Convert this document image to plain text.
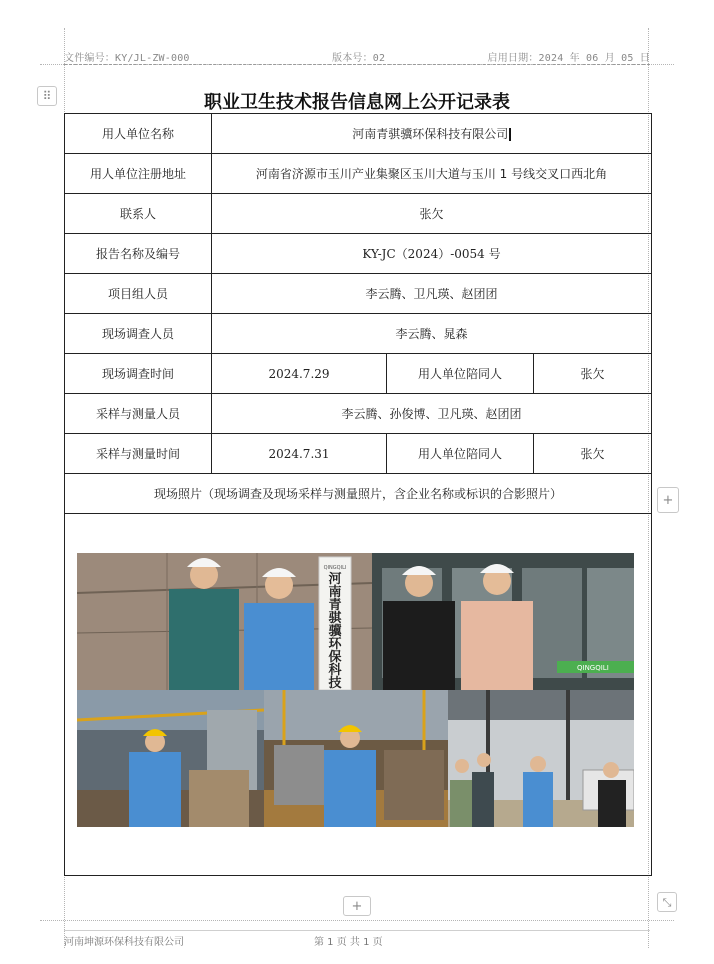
文件编号：KY/JL-ZW-000	版本号：02	启用日期：2024 年 06 月 05 日
⠿	职业卫生技术报告信息网上公开记录表
用人单位名称	河南青骐骥环保科技有限公司		
用人单位注册地址	河南省济源市玉川产业集聚区玉川大道与玉川 1 号线交叉口西北角		
联系人	张欠		
报告名称及编号	KY-JC（2024）-0054 号		
项目组人员	李云腾、卫凡瑛、赵团团		
现场调查人员	李云腾、晁森		
现场调查时间	2024.7.29	用人单位陪同人	张欠
采样与测量人员	李云腾、孙俊博、卫凡瑛、赵团团		
采样与测量时间	2024.7.31	用人单位陪同人	张欠
现场照片（现场调查及现场采样与测量照片，含企业名称或标识的合影照片）			

QINGQILI
QINGQILI
河南青骐骥环保科技			
+
+	⤡
河南坤源环保科技有限公司	第 1 页 共 1 页
